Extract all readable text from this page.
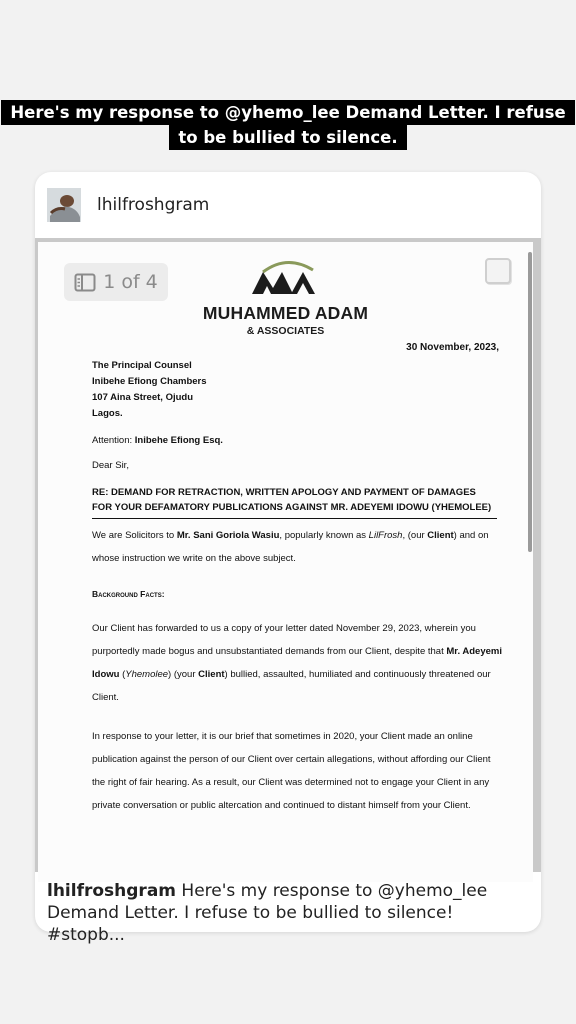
Here's my response to @yhemo_lee Demand Letter. I refuse to be bullied to silence.
lhilfroshgram
1 of 4
MUHAMMED ADAM
& ASSOCIATES
30 November, 2023,
The Principal Counsel
Inibehe Efiong Chambers
107 Aina Street, Ojudu
Lagos.
Attention: Inibehe Efiong Esq.
Dear Sir,
RE: DEMAND FOR RETRACTION, WRITTEN APOLOGY AND PAYMENT OF DAMAGES FOR YOUR DEFAMATORY PUBLICATIONS AGAINST MR. ADEYEMI IDOWU (YHEMOLEE)
We are Solicitors to Mr. Sani Goriola Wasiu, popularly known as LilFrosh, (our Client) and on whose instruction we write on the above subject.
Background Facts:
Our Client has forwarded to us a copy of your letter dated November 29, 2023, wherein you purportedly made bogus and unsubstantiated demands from our Client, despite that Mr. Adeyemi Idowu (Yhemolee) (your Client) bullied, assaulted, humiliated and continuously threatened our Client.
In response to your letter, it is our brief that sometimes in 2020, your Client made an online publication against the person of our Client over certain allegations, without affording our Client the right of fair hearing. As a result, our Client was determined not to engage your Client in any private conversation or public altercation and continued to distant himself from your Client.
lhilfroshgram Here's my response to @yhemo_lee Demand Letter. I refuse to be bullied to silence! #stopb...
